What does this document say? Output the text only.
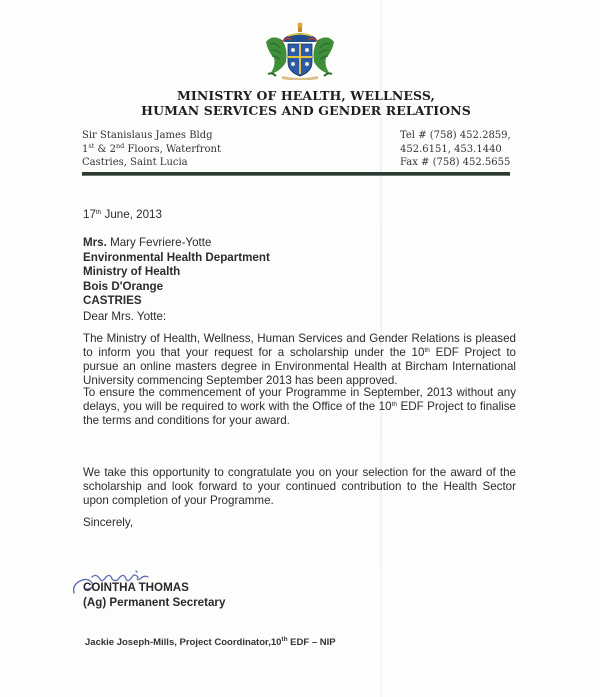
MINISTRY OF HEALTH, WELLNESS,
HUMAN SERVICES AND GENDER RELATIONS
Sir Stanislaus James Bldg
1st & 2nd Floors, Waterfront
Castries, Saint Lucia
Tel # (758) 452.2859,
452.6151, 453.1440
Fax # (758) 452.5655
17th June, 2013
Mrs. Mary Fevriere-Yotte
Environmental Health Department
Ministry of Health
Bois D'Orange
CASTRIES
Dear Mrs. Yotte:
The Ministry of Health, Wellness, Human Services and Gender Relations is pleased to inform you that your request for a scholarship under the 10th EDF Project to pursue an online masters degree in Environmental Health at Bircham International University commencing September 2013 has been approved.
To ensure the commencement of your Programme in September, 2013 without any delays, you will be required to work with the Office of the 10th EDF Project to finalise the terms and conditions for your award.
We take this opportunity to congratulate you on your selection for the award of the scholarship and look forward to your continued contribution to the Health Sector upon completion of your Programme.
Sincerely,
COINTHA THOMAS
(Ag) Permanent Secretary
Jackie Joseph-Mills, Project Coordinator,10th EDF – NIP
